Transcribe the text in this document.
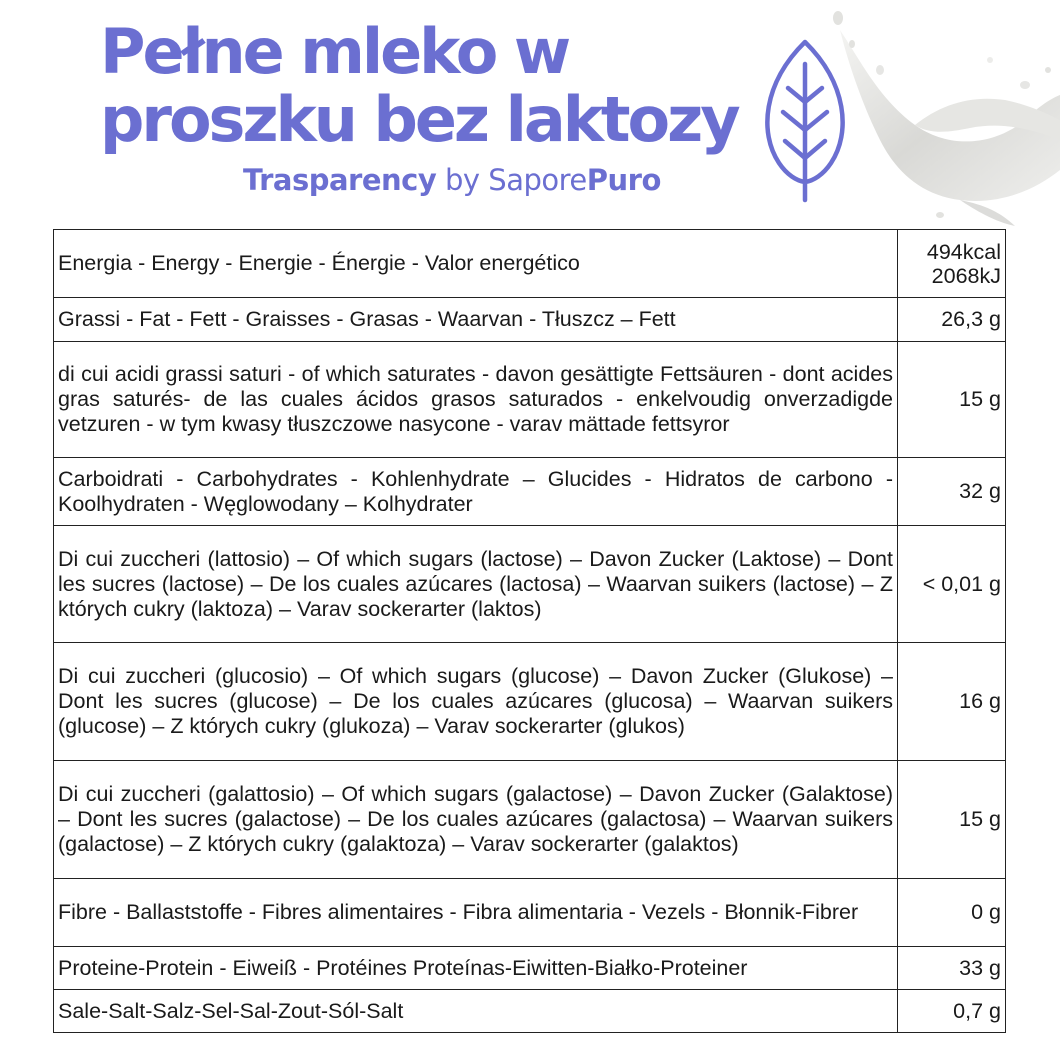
Pełne mleko w
proszku bez laktozy
Trasparency by SaporePuro
Energia - Energy - Energie - Énergie - Valor energético	494kcal
2068kJ

Grassi - Fat - Fett - Graisses - Grasas - Waarvan - Tłuszcz – Fett	26,3 g
di cui acidi grassi saturi - of which saturates - davon gesättigte Fettsäuren - dont acides gras saturés- de las cuales ácidos grasos saturados - enkelvoudig onverzadigde vetzuren - w tym kwasy tłuszczowe nasycone - varav mättade fettsyror	15 g
Carboidrati - Carbohydrates - Kohlenhydrate – Glucides - Hidratos de carbono - Koolhydraten - Węglowodany – Kolhydrater	32 g
Di cui zuccheri (lattosio) – Of which sugars (lactose) – Davon Zucker (Laktose) – Dont les sucres (lactose) – De los cuales azúcares (lactosa) – Waarvan suikers (lactose) – Z których cukry (laktoza) – Varav sockerarter (laktos)	< 0,01 g
Di cui zuccheri (glucosio) – Of which sugars (glucose) – Davon Zucker (Glukose) – Dont les sucres (glucose) – De los cuales azúcares (glucosa) – Waarvan suikers (glucose) – Z których cukry (glukoza) – Varav sockerarter (glukos)	16 g
Di cui zuccheri (galattosio) – Of which sugars (galactose) – Davon Zucker (Galaktose) – Dont les sucres (galactose) – De los cuales azúcares (galactosa) – Waarvan suikers (galactose) – Z których cukry (galaktoza) – Varav sockerarter (galaktos)	15 g
Fibre - Ballaststoffe - Fibres alimentaires - Fibra alimentaria - Vezels - Błonnik-Fibrer	0 g
Proteine-Protein - Eiweiß - Protéines Proteínas-Eiwitten-Białko-Proteiner	33 g
Sale-Salt-Salz-Sel-Sal-Zout-Sól-Salt	0,7 g
